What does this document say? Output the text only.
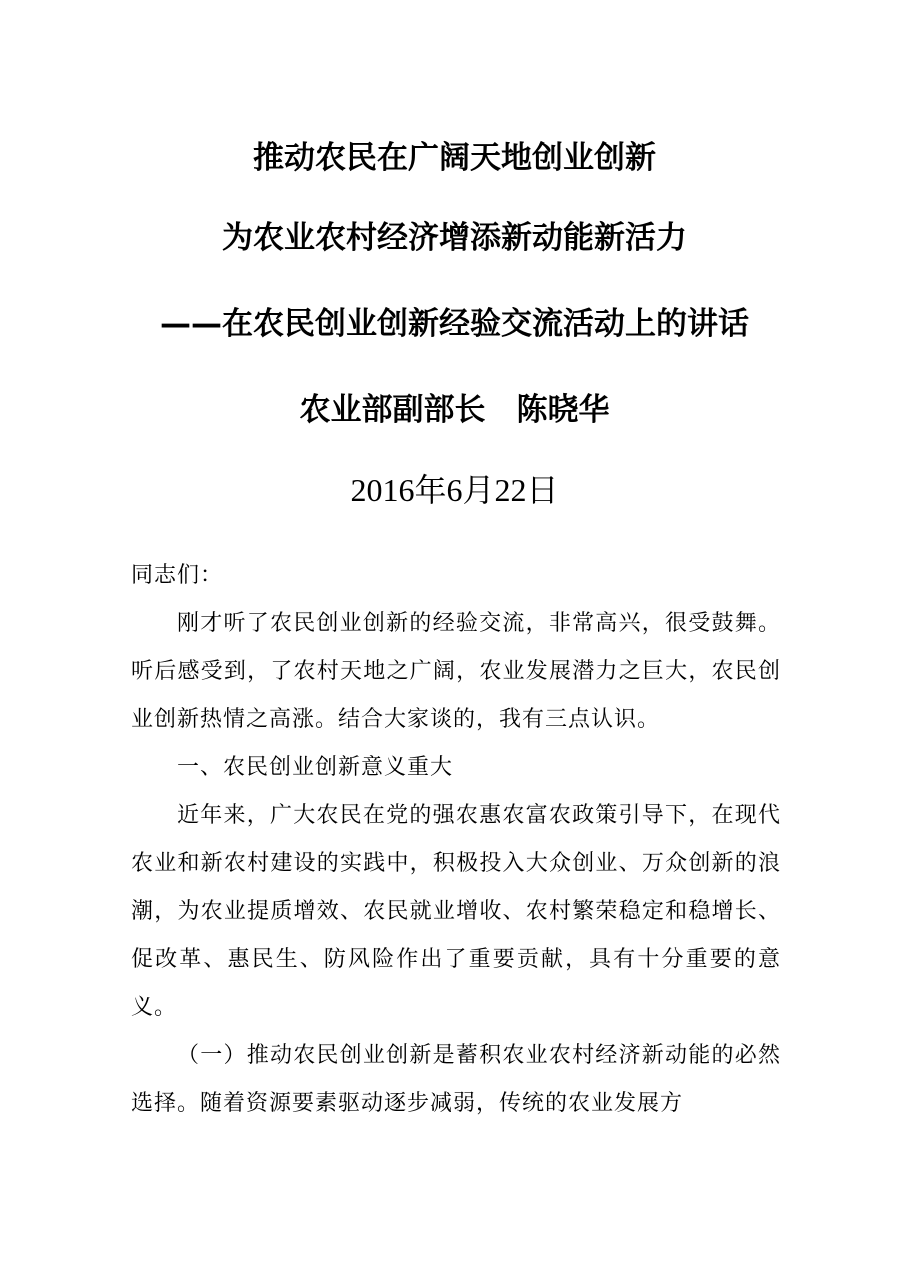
推动农民在广阔天地创业创新
为农业农村经济增添新动能新活力
——在农民创业创新经验交流活动上的讲话
农业部副部长　陈晓华
2016年6月22日
同志们：
刚才听了农民创业创新的经验交流，非常高兴，很受鼓舞。听后感受到，了农村天地之广阔，农业发展潜力之巨大，农民创业创新热情之高涨。结合大家谈的，我有三点认识。
一、农民创业创新意义重大
近年来，广大农民在党的强农惠农富农政策引导下，在现代农业和新农村建设的实践中，积极投入大众创业、万众创新的浪潮，为农业提质增效、农民就业增收、农村繁荣稳定和稳增长、促改革、惠民生、防风险作出了重要贡献，具有十分重要的意义。
（一）推动农民创业创新是蓄积农业农村经济新动能的必然选择。随着资源要素驱动逐步减弱，传统的农业发展方
